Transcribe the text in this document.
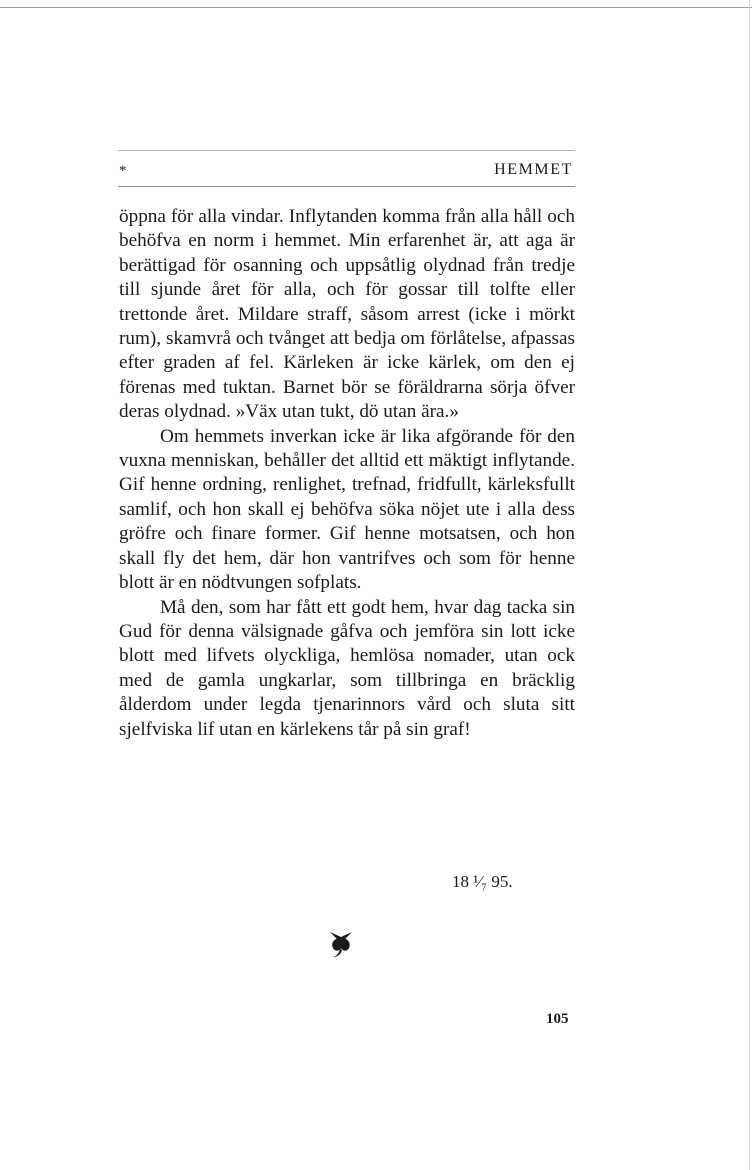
*	HEMMET

öppna för alla vindar. Inflytanden komma från alla håll och behöfva en norm i hemmet. Min erfarenhet är, att aga är berättigad för osanning och uppsåtlig olydnad från tredje till sjunde året för alla, och för gossar till tolfte eller trettonde året. Mildare straff, såsom arrest (icke i mörkt rum), skamvrå och tvånget att bedja om förlåtelse, afpassas efter graden af fel. Kärleken är icke kärlek, om den ej förenas med tuktan. Barnet bör se föräldrarna sörja öfver deras olydnad. »Väx utan tukt, dö utan ära.»

Om hemmets inverkan icke är lika afgörande för den vuxna menniskan, behåller det alltid ett mäktigt inflytande. Gif henne ordning, renlighet, trefnad, fridfullt, kärleksfullt samlif, och hon skall ej behöfva söka nöjet ute i alla dess gröfre och finare former. Gif henne motsatsen, och hon skall fly det hem, där hon vantrifves och som för henne blott är en nödtvungen sofplats.

Må den, som har fått ett godt hem, hvar dag tacka sin Gud för denna välsignade gåfva och jemföra sin lott icke blott med lifvets olyckliga, hemlösa nomader, utan ock med de gamla ungkarlar, som tillbringa en bräcklig ålderdom under legda tjenarinnors vård och sluta sitt sjelfviska lif utan en kärlekens tår på sin graf!

18 ¹⁄₇ 95.
105
